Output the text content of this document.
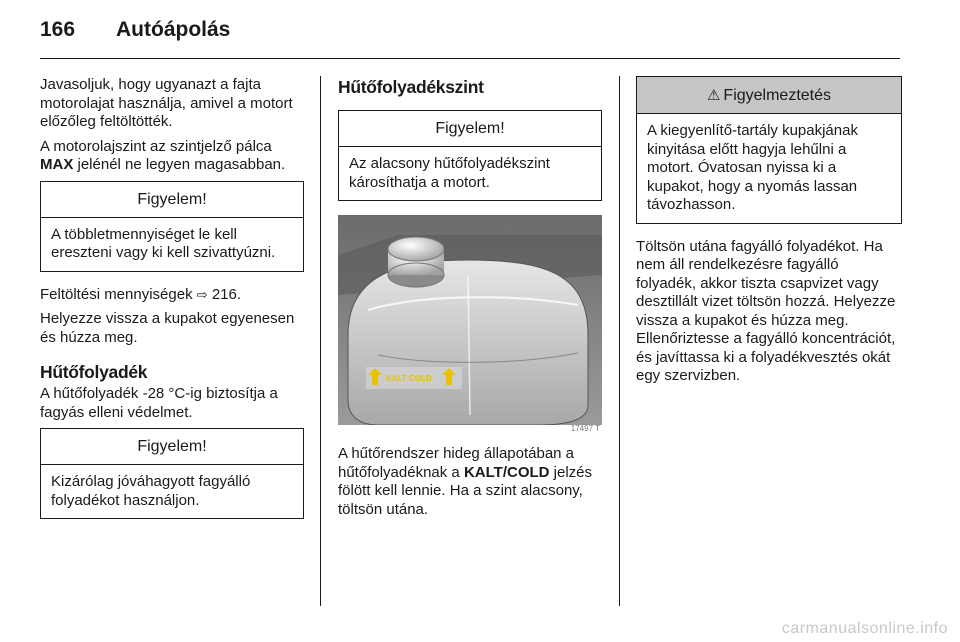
166 Autóápolás

Javasoljuk, hogy ugyanazt a fajta motorolajat használja, amivel a motort előzőleg feltöltötték.

A motorolajszint az szintjelző pálca
MAX jelénél ne legyen magasabban.

Figyelem!
A többletmennyiséget le kell ereszteni vagy ki kell szivattyúzni.

Feltöltési mennyiségek ⇨ 216.

Helyezze vissza a kupakot egyenesen és húzza meg.

Hűtőfolyadék

A hűtőfolyadék -28 °C-ig biztosítja a fagyás elleni védelmet.

Figyelem!
Kizárólag jóváhagyott fagyálló folyadékot használjon.
Hűtőfolyadékszint
Figyelem!
Az alacsony hűtőfolyadékszint károsíthatja a motort.
KALT COLD
17497 T

A hűtőrendszer hideg állapotában a hűtőfolyadéknak a KALT/COLD jelzés fölött kell lennie. Ha a szint alacsony, töltsön utána.

⚠ Figyelmeztetés
A kiegyenlítő-tartály kupakjának kinyitása előtt hagyja lehűlni a motort. Óvatosan nyissa ki a kupakot, hogy a nyomás lassan távozhasson.

Töltsön utána fagyálló folyadékot. Ha nem áll rendelkezésre fagyálló folyadék, akkor tiszta csapvizet vagy desztillált vizet töltsön hozzá. Helyezze vissza a kupakot és húzza meg. Ellenőriztesse a fagyálló koncentrációt, és javíttassa ki a folyadékvesztés okát egy szervizben.

carmanualsonline.info
